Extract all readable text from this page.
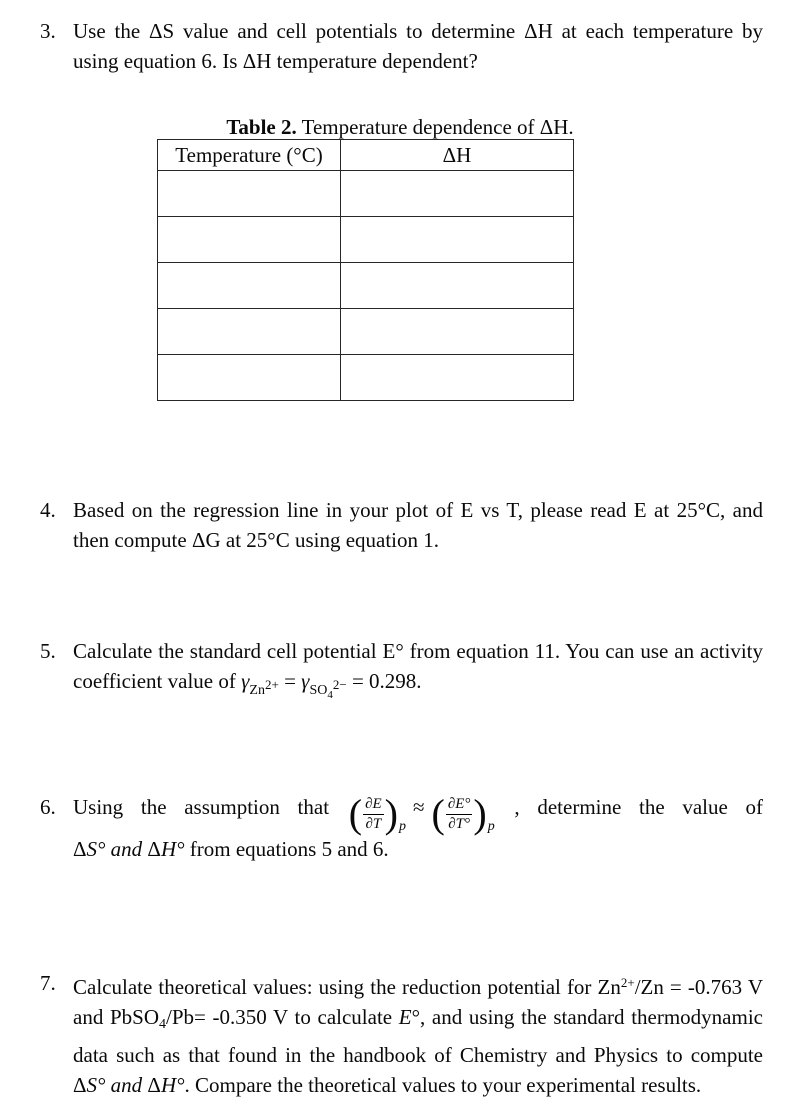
3. Use the ΔS value and cell potentials to determine ΔH at each temperature by using equation 6. Is ΔH temperature dependent?
Table 2. Temperature dependence of ΔH.
Temperature (°C)	ΔH

4. Based on the regression line in your plot of E vs T, please read E at 25°C, and then compute ΔG at 25°C using equation 1.
5. Calculate the standard cell potential E° from equation 11. You can use an activity coefficient value of $\gamma_{Zn}2+ = \gamma_{SO4}2- = 0.298$.
6. Using the assumption that ( $\frac{\partial E}{\partial T}$ ) p
≈ ( $\frac{\partial E^\circ}{\partial T^\circ}$ ) p
, determine the value of
ΔS° and ΔH° from equations 5 and 6.
7. Calculate theoretical values: using the reduction potential for $Zn^{2+}/Zn = -0.763$ V and PbSO$_4$/Pb= -0.350 V to calculate E°, and using the standard thermodynamic data such as that found in the handbook of Chemistry and Physics to compute ΔS° and ΔH°. Compare the theoretical values to your experimental results.
